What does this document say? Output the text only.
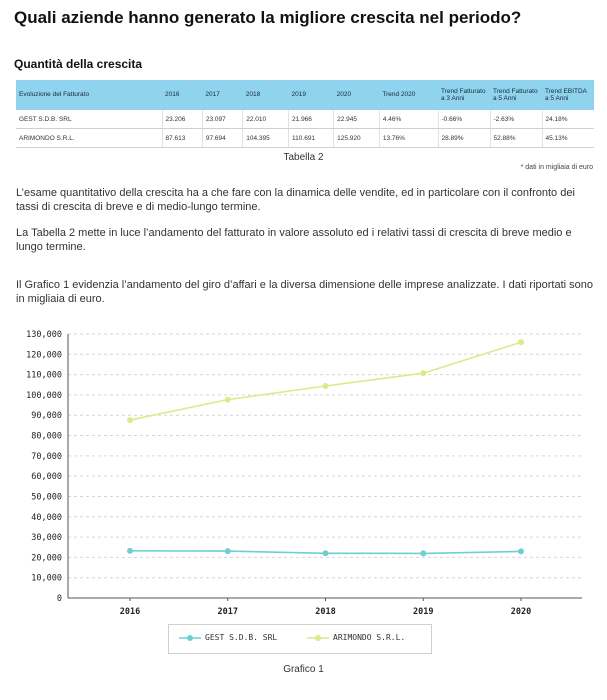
Quali aziende hanno generato la migliore crescita nel periodo?
Quantità della crescita
Evoluzione del Fatturato	2016	2017	2018	2019	2020	Trend 2020	Trend Fatturato a 3 Anni	Trend Fatturato a 5 Anni	Trend EBITDA a 5 Anni
GEST S.D.B. SRL	23.206	23.097	22.010	21.966	22.945	4.46%	-0.66%	-2.63%	24.18%
ARIMONDO S.R.L.	87.613	97.694	104.395	110.691	125.920	13.76%	28.89%	52.88%	45.13%
Tabella 2
* dati in migliaia di euro

L’esame quantitativo della crescita ha a che fare con la dinamica delle vendite, ed in particolare con il confronto dei tassi di crescita di breve e di medio-lungo termine.

La Tabella 2 mette in luce l’andamento del fatturato in valore assoluto ed i relativi tassi di crescita di breve medio e lungo termine.

Il Grafico 1 evidenzia l’andamento del giro d’affari e la diversa dimensione delle imprese analizzate. I dati riportati sono in migliaia di euro.

0
10,000
20,000
30,000
40,000
50,000
60,000
70,000
80,000
90,000
100,000
110,000
120,000
130,000
2016	2017	2018	2019	2020
GEST S.D.B. SRL	ARIMONDO S.R.L.
Grafico 1
